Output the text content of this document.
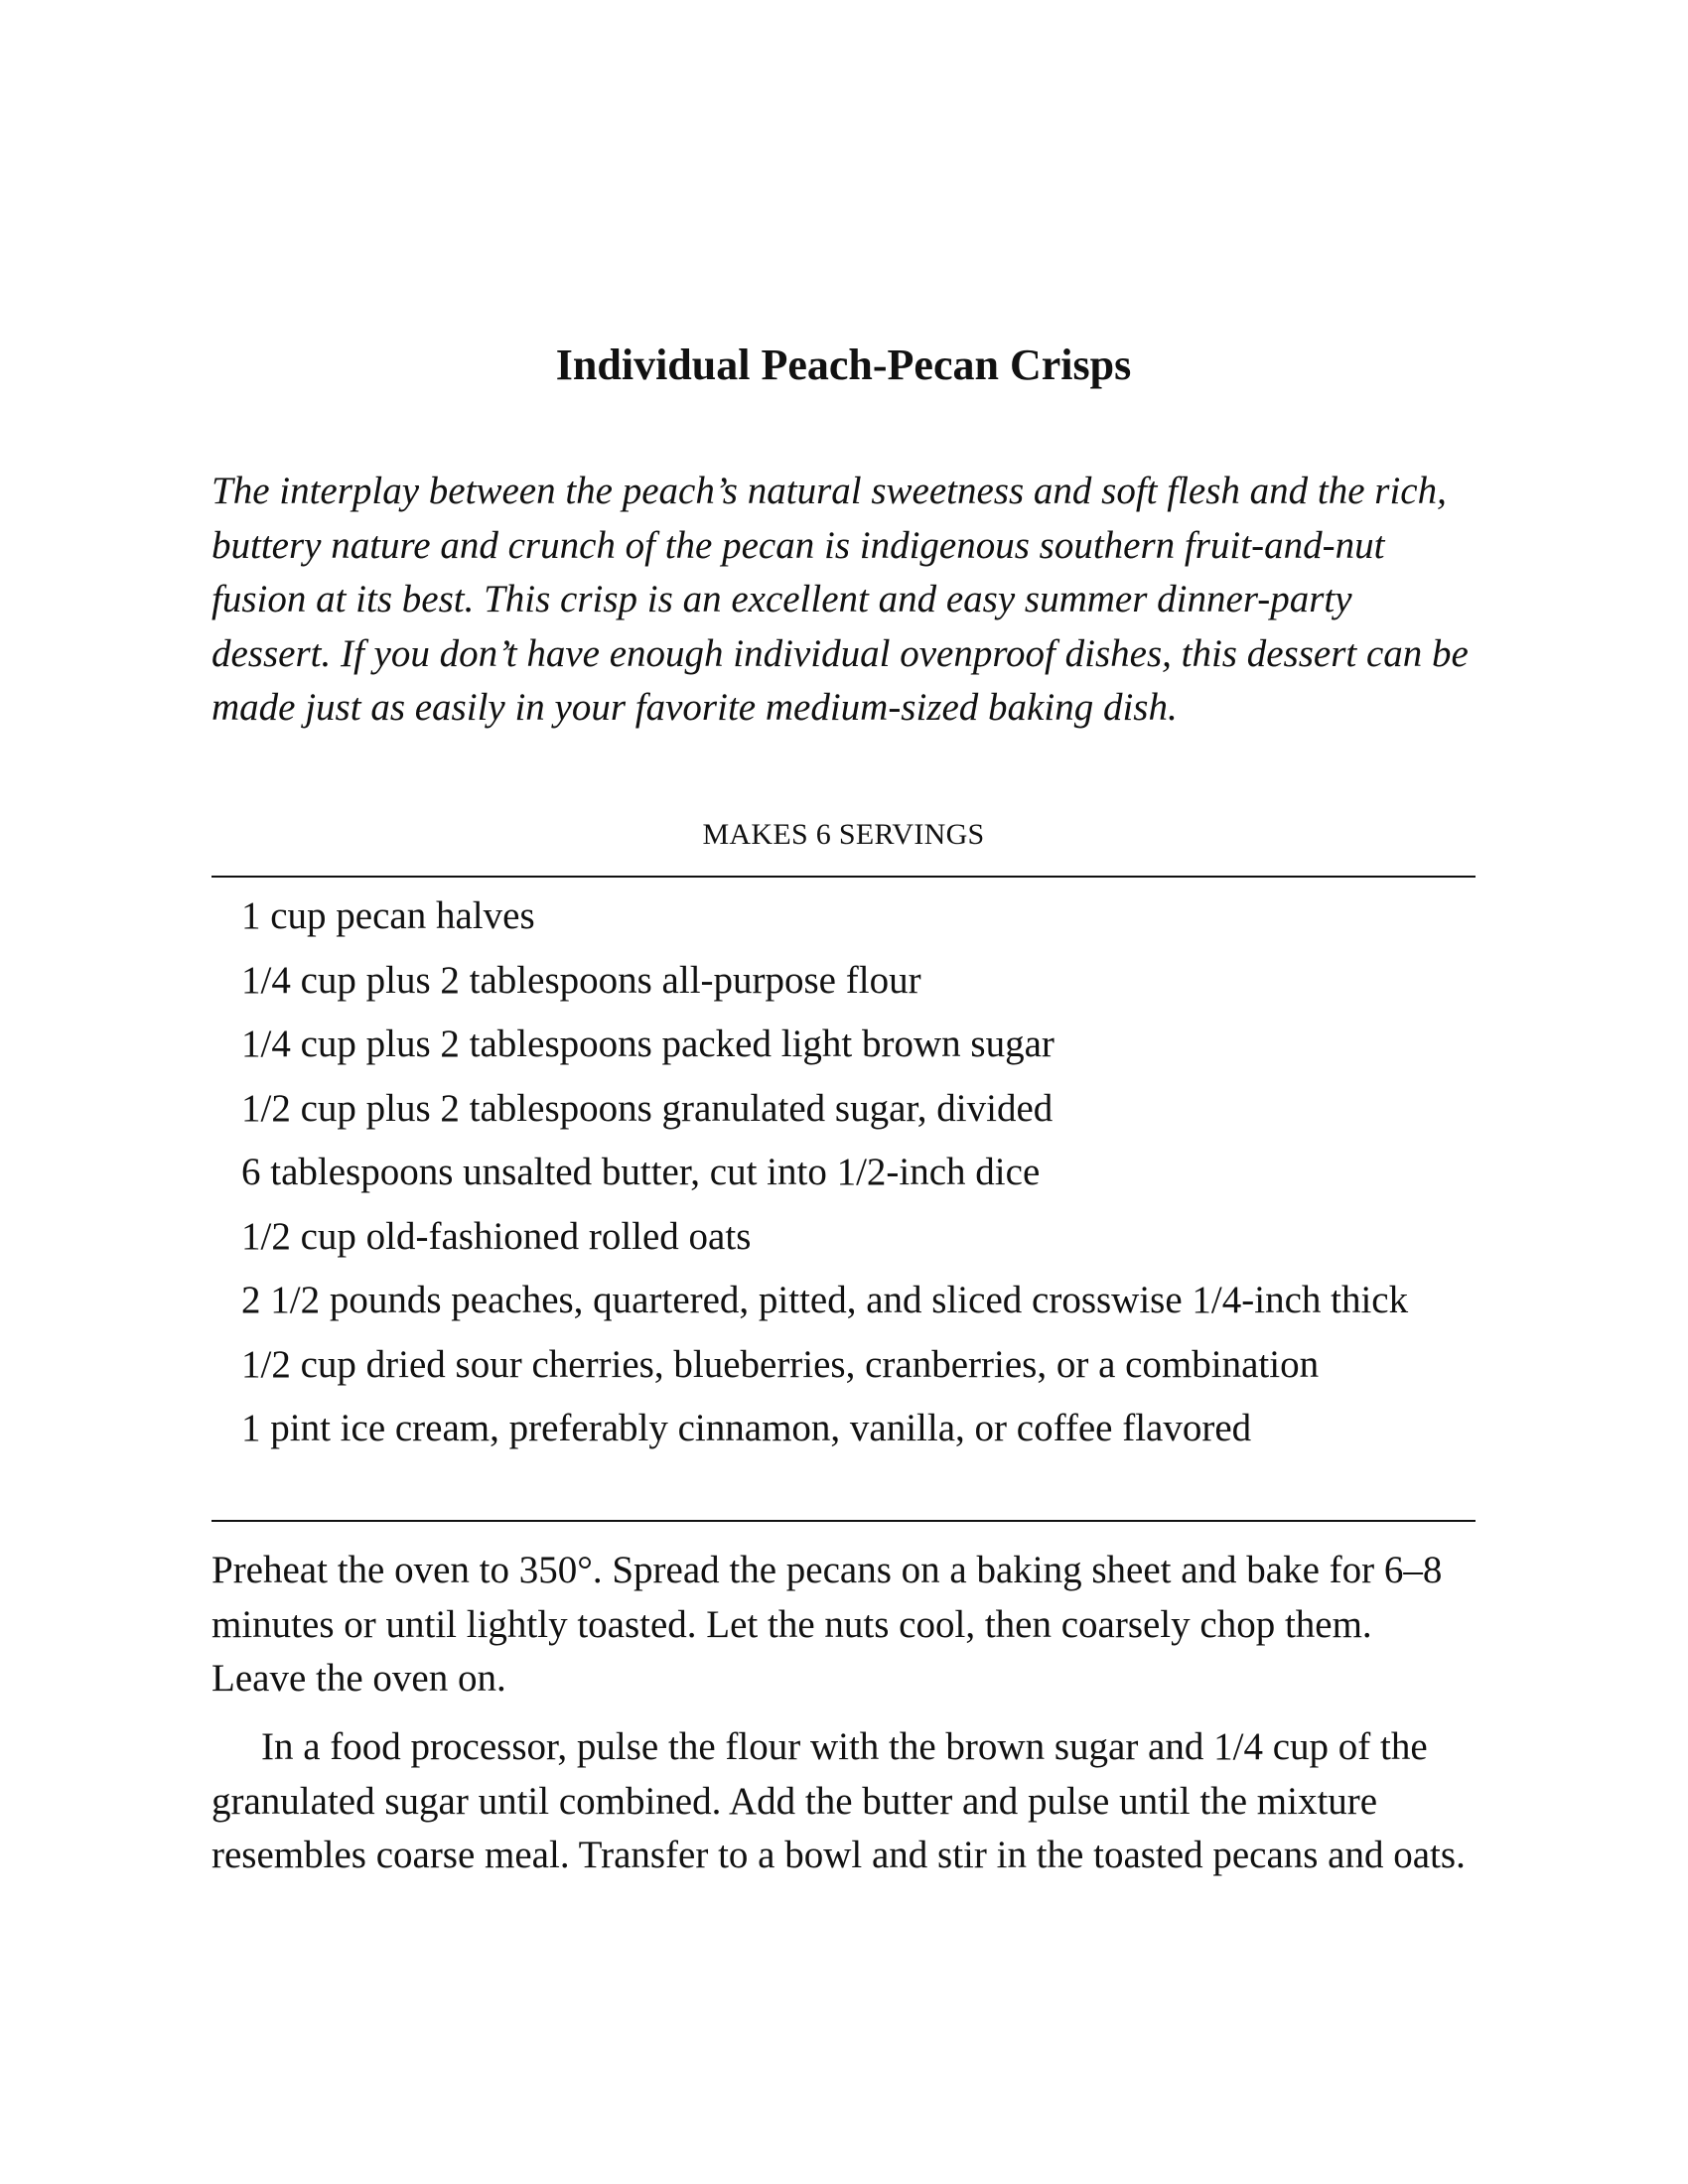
Individual Peach-Pecan Crisps

The interplay between the peach’s natural sweetness and soft flesh and the rich, buttery nature and crunch of the pecan is indigenous southern fruit-and-nut fusion at its best. This crisp is an excellent and easy summer dinner-party dessert. If you don’t have enough individual ovenproof dishes, this dessert can be made just as easily in your favorite medium-sized baking dish.

MAKES 6 SERVINGS

1 cup pecan halves
1/4 cup plus 2 tablespoons all-purpose flour
1/4 cup plus 2 tablespoons packed light brown sugar
1/2 cup plus 2 tablespoons granulated sugar, divided
6 tablespoons unsalted butter, cut into 1/2-inch dice
1/2 cup old-fashioned rolled oats
2 1/2 pounds peaches, quartered, pitted, and sliced crosswise 1/4-inch thick
1/2 cup dried sour cherries, blueberries, cranberries, or a combination
1 pint ice cream, preferably cinnamon, vanilla, or coffee flavored

Preheat the oven to 350°. Spread the pecans on a baking sheet and bake for 6–8 minutes or until lightly toasted. Let the nuts cool, then coarsely chop them. Leave the oven on.

In a food processor, pulse the flour with the brown sugar and 1/4 cup of the granulated sugar until combined. Add the butter and pulse until the mixture resembles coarse meal. Transfer to a bowl and stir in the toasted pecans and oats.
